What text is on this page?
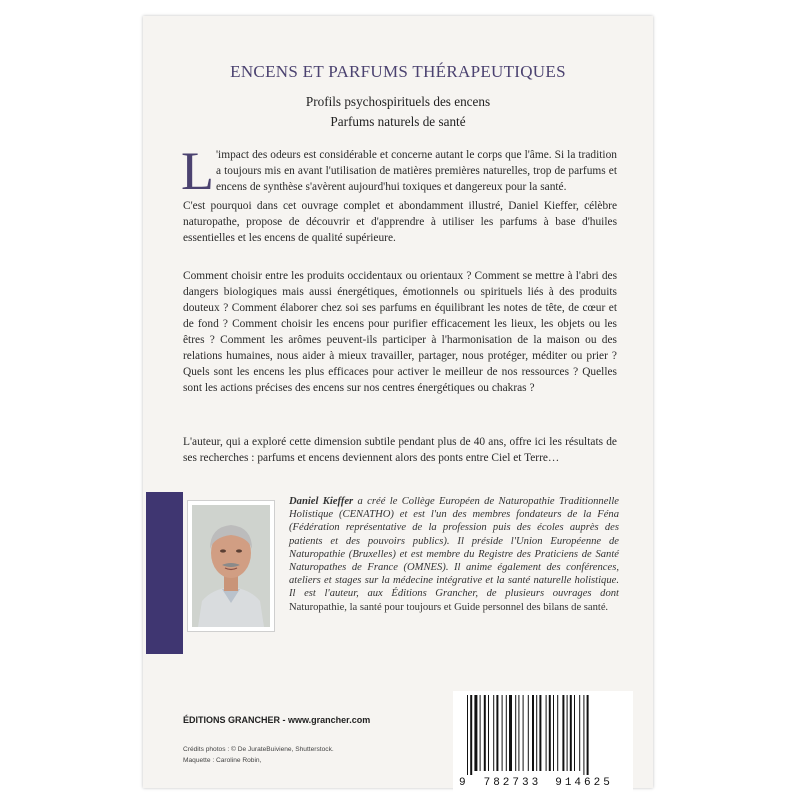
ENCENS ET PARFUMS THÉRAPEUTIQUES
Profils psychospirituels des encens
Parfums naturels de santé
L 'impact des odeurs est considérable et concerne autant le corps que l'âme. Si la tradition a toujours mis en avant l'utilisation de matières premières naturelles, trop de parfums et encens de synthèse s'avèrent aujourd'hui toxiques et dangereux pour la santé.
C'est pourquoi dans cet ouvrage complet et abondamment illustré, Daniel Kieffer, célèbre naturopathe, propose de découvrir et d'apprendre à utiliser les parfums à base d'huiles essentielles et les encens de qualité supérieure.
Comment choisir entre les produits occidentaux ou orientaux ? Comment se mettre à l'abri des dangers biologiques mais aussi énergétiques, émotionnels ou spirituels liés à des produits douteux ? Comment élaborer chez soi ses parfums en équilibrant les notes de tête, de cœur et de fond ? Comment choisir les encens pour purifier efficacement les lieux, les objets ou les êtres ? Comment les arômes peuvent-ils participer à l'harmonisation de la maison ou des relations humaines, nous aider à mieux travailler, partager, nous protéger, méditer ou prier ? Quels sont les encens les plus efficaces pour activer le meilleur de nos ressources ? Quelles sont les actions précises des encens sur nos centres énergétiques ou chakras ?
L'auteur, qui a exploré cette dimension subtile pendant plus de 40 ans, offre ici les résultats de ses recherches : parfums et encens deviennent alors des ponts entre Ciel et Terre…
Daniel Kieffer a créé le Collège Européen de Naturopathie Traditionnelle Holistique (CENATHO) et est l'un des membres fondateurs de la Féna (Fédération représentative de la profession puis des écoles auprès des patients et des pouvoirs publics). Il préside l'Union Européenne de Naturopathie (Bruxelles) et est membre du Registre des Praticiens de Santé Naturopathes de France (OMNES). Il anime également des conférences, ateliers et stages sur la médecine intégrative et la santé naturelle holistique. Il est l'auteur, aux Éditions Grancher, de plusieurs ouvrages dont Naturopathie, la santé pour toujours et Guide personnel des bilans de santé.
ÉDITIONS GRANCHER - www.grancher.com
Crédits photos : © De JurateBuiviene, Shutterstock.
Maquette : Caroline Robin,
9 782733 914625
